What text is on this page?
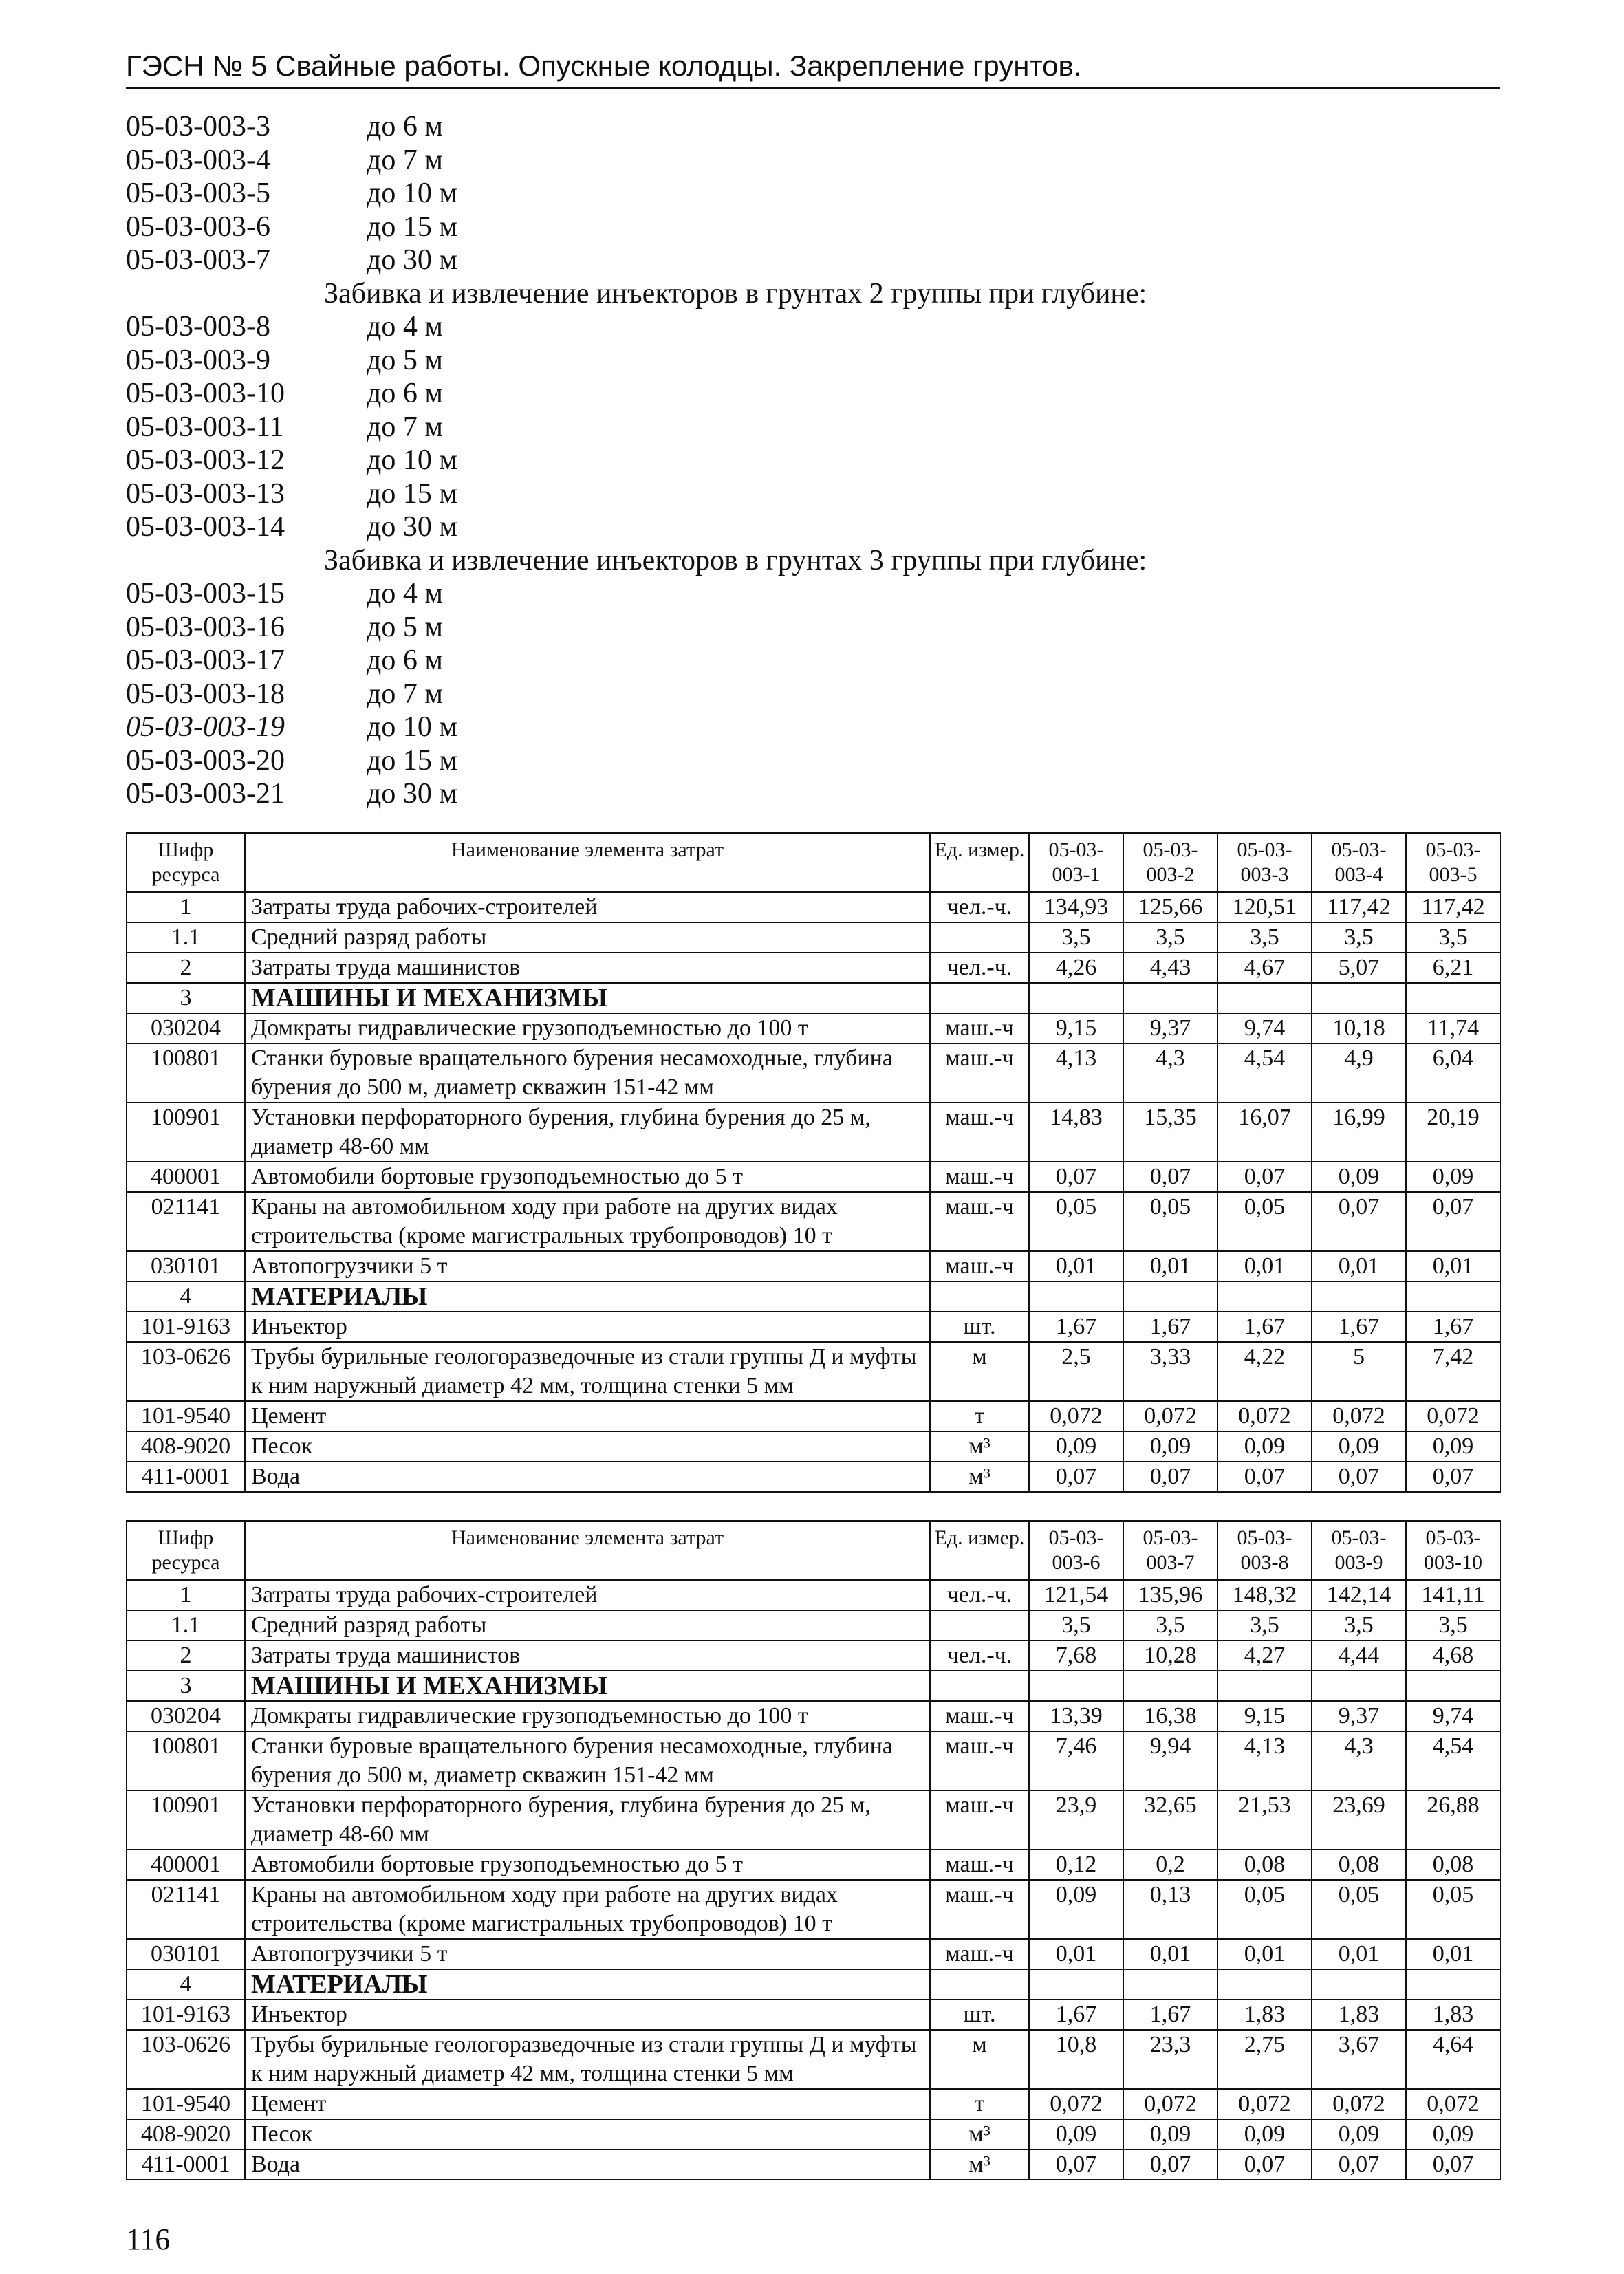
ГЭСН № 5 Свайные работы. Опускные колодцы. Закрепление грунтов.
05-03-003-3	до 6 м
05-03-003-4	до 7 м
05-03-003-5	до 10 м
05-03-003-6	до 15 м
05-03-003-7	до 30 м
Забивка и извлечение инъекторов в грунтах 2 группы при глубине:
05-03-003-8	до 4 м
05-03-003-9	до 5 м
05-03-003-10	до 6 м
05-03-003-11	до 7 м
05-03-003-12	до 10 м
05-03-003-13	до 15 м
05-03-003-14	до 30 м
Забивка и извлечение инъекторов в грунтах 3 группы при глубине:
05-03-003-15	до 4 м
05-03-003-16	до 5 м
05-03-003-17	до 6 м
05-03-003-18	до 7 м
05-03-003-19	до 10 м
05-03-003-20	до 15 м
05-03-003-21	до 30 м
Шифр ресурса	Наименование элемента затрат	Ед. измер.	05-03-003-1	05-03-003-2	05-03-003-3	05-03-003-4	05-03-003-5
1	Затраты труда рабочих-строителей	чел.-ч.	134,93	125,66	120,51	117,42	117,42
1.1	Средний разряд работы		3,5	3,5	3,5	3,5	3,5
2	Затраты труда машинистов	чел.-ч.	4,26	4,43	4,67	5,07	6,21
3	МАШИНЫ И МЕХАНИЗМЫ						
030204	Домкраты гидравлические грузоподъемностью до 100 т	маш.-ч	9,15	9,37	9,74	10,18	11,74
100801	Станки буровые вращательного бурения несамоходные, глубина бурения до 500 м, диаметр скважин 151-42 мм	маш.-ч	4,13	4,3	4,54	4,9	6,04
100901	Установки перфораторного бурения, глубина бурения до 25 м, диаметр 48-60 мм	маш.-ч	14,83	15,35	16,07	16,99	20,19
400001	Автомобили бортовые грузоподъемностью до 5 т	маш.-ч	0,07	0,07	0,07	0,09	0,09
021141	Краны на автомобильном ходу при работе на других видах строительства (кроме магистральных трубопроводов) 10 т	маш.-ч	0,05	0,05	0,05	0,07	0,07
030101	Автопогрузчики 5 т	маш.-ч	0,01	0,01	0,01	0,01	0,01
4	МАТЕРИАЛЫ						
101-9163	Инъектор	шт.	1,67	1,67	1,67	1,67	1,67
103-0626	Трубы бурильные геологоразведочные из стали группы Д и муфты к ним наружный диаметр 42 мм, толщина стенки 5 мм	м	2,5	3,33	4,22	5	7,42
101-9540	Цемент	т	0,072	0,072	0,072	0,072	0,072
408-9020	Песок	м³	0,09	0,09	0,09	0,09	0,09
411-0001	Вода	м³	0,07	0,07	0,07	0,07	0,07
Шифр ресурса	Наименование элемента затрат	Ед. измер.	05-03-003-6	05-03-003-7	05-03-003-8	05-03-003-9	05-03-003-10
1	Затраты труда рабочих-строителей	чел.-ч.	121,54	135,96	148,32	142,14	141,11
1.1	Средний разряд работы		3,5	3,5	3,5	3,5	3,5
2	Затраты труда машинистов	чел.-ч.	7,68	10,28	4,27	4,44	4,68
3	МАШИНЫ И МЕХАНИЗМЫ						
030204	Домкраты гидравлические грузоподъемностью до 100 т	маш.-ч	13,39	16,38	9,15	9,37	9,74
100801	Станки буровые вращательного бурения несамоходные, глубина бурения до 500 м, диаметр скважин 151-42 мм	маш.-ч	7,46	9,94	4,13	4,3	4,54
100901	Установки перфораторного бурения, глубина бурения до 25 м, диаметр 48-60 мм	маш.-ч	23,9	32,65	21,53	23,69	26,88
400001	Автомобили бортовые грузоподъемностью до 5 т	маш.-ч	0,12	0,2	0,08	0,08	0,08
021141	Краны на автомобильном ходу при работе на других видах строительства (кроме магистральных трубопроводов) 10 т	маш.-ч	0,09	0,13	0,05	0,05	0,05
030101	Автопогрузчики 5 т	маш.-ч	0,01	0,01	0,01	0,01	0,01
4	МАТЕРИАЛЫ						
101-9163	Инъектор	шт.	1,67	1,67	1,83	1,83	1,83
103-0626	Трубы бурильные геологоразведочные из стали группы Д и муфты к ним наружный диаметр 42 мм, толщина стенки 5 мм	м	10,8	23,3	2,75	3,67	4,64
101-9540	Цемент	т	0,072	0,072	0,072	0,072	0,072
408-9020	Песок	м³	0,09	0,09	0,09	0,09	0,09
411-0001	Вода	м³	0,07	0,07	0,07	0,07	0,07
116
